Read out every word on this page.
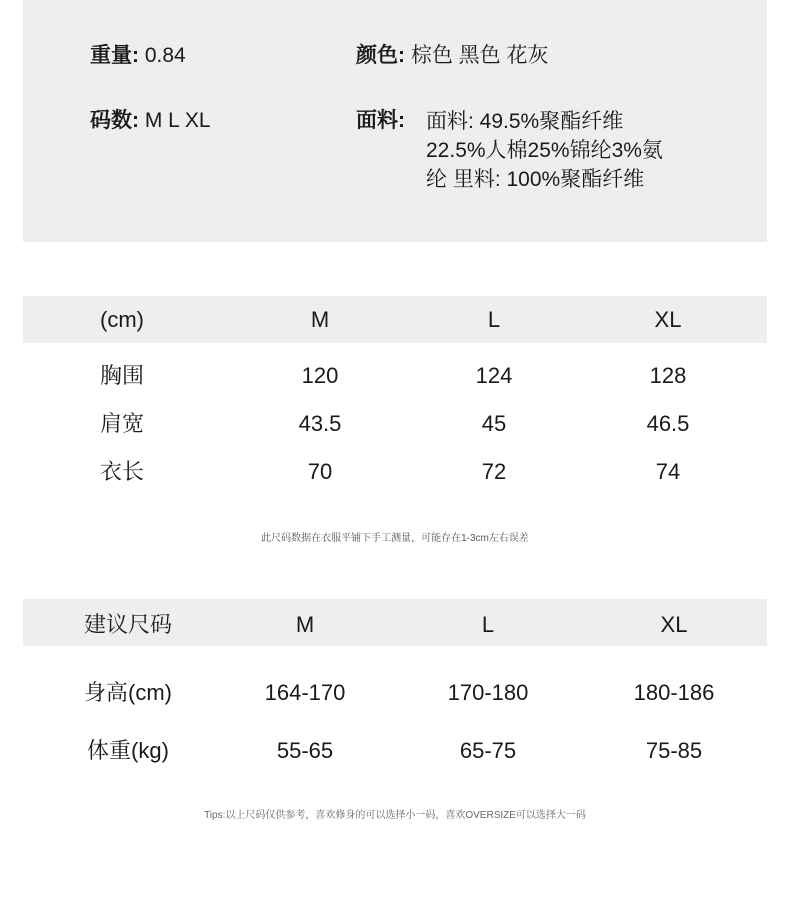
重量: 0.84
码数: M L XL
颜色: 棕色 黑色 花灰
面料: 面料: 49.5%聚酯纤维
22.5%人棉25%锦纶3%氨
纶 里料: 100%聚酯纤维
(cm)	M	L	XL
胸围	120	124	128
肩宽	43.5	45	46.5
衣长	70	72	74
此尺码数据在衣服平铺下手工测量，可能存在1-3cm左右误差
建议尺码	M	L	XL
身高(cm)	164-170	170-180	180-186
体重(kg)	55-65	65-75	75-85
Tips:以上尺码仅供参考，喜欢修身的可以选择小一码，喜欢OVERSIZE可以选择大一码
